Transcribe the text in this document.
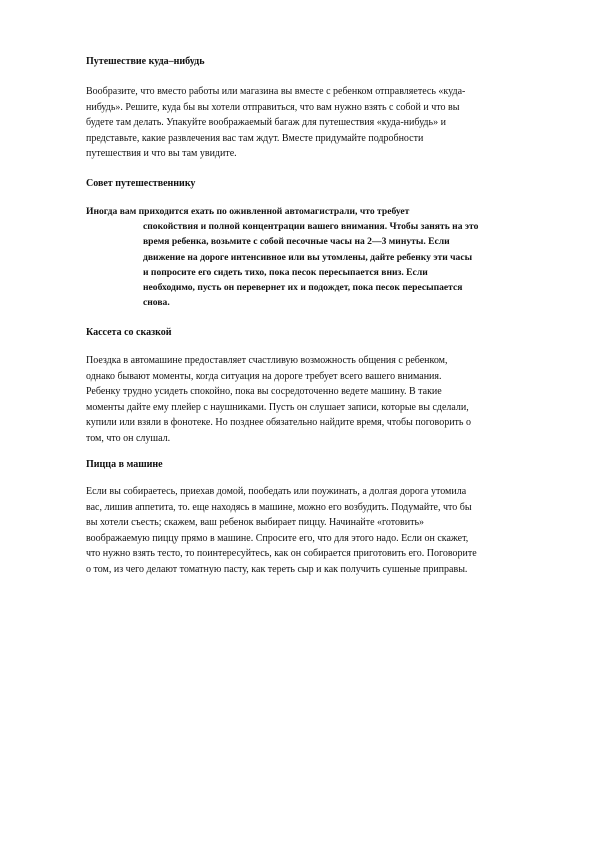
Путешествие куда–нибудь
Вообразите, что вместо работы или магазина вы вместе с ребенком отправляетесь «куда-
нибудь». Решите, куда бы вы хотели отправиться, что вам нужно взять с собой и что вы
будете там делать. Упакуйте воображаемый багаж для путешествия «куда-нибудь» и
представьте, какие развлечения вас там ждут. Вместе придумайте подробности
путешествия и что вы там увидите.
Совет путешественнику
Иногда вам приходится ехать по оживленной автомагистрали, что требует
спокойствия и полной концентрации вашего внимания. Чтобы занять на это
время ребенка, возьмите с собой песочные часы на 2—3 минуты. Если
движение на дороге интенсивное или вы утомлены, дайте ребенку эти часы
и попросите его сидеть тихо, пока песок пересыпается вниз. Если
необходимо, пусть он перевернет их и подождет, пока песок пересыпается
снова.
Кассета со сказкой
Поездка в автомашине предоставляет счастливую возможность общения с ребенком,
однако бывают моменты, когда ситуация на дороге требует всего вашего внимания.
Ребенку трудно усидеть спокойно, пока вы сосредоточенно ведете машину. В такие
моменты дайте ему плейер с наушниками. Пусть он слушает записи, которые вы сделали,
купили или взяли в фонотеке. Но позднее обязательно найдите время, чтобы поговорить о
том, что он слушал.
Пицца в машине
Если вы собираетесь, приехав домой, пообедать или поужинать, а долгая дорога утомила
вас, лишив аппетита, то. еще находясь в машине, можно его возбудить. Подумайте, что бы
вы хотели съесть; скажем, ваш ребенок выбирает пиццу. Начинайте «готовить»
воображаемую пиццу прямо в машине. Спросите его, что для этого надо. Если он скажет,
что нужно взять тесто, то поинтересуйтесь, как он собирается приготовить его. Поговорите
о том, из чего делают томатную пасту, как тереть сыр и как получить сушеные приправы.
